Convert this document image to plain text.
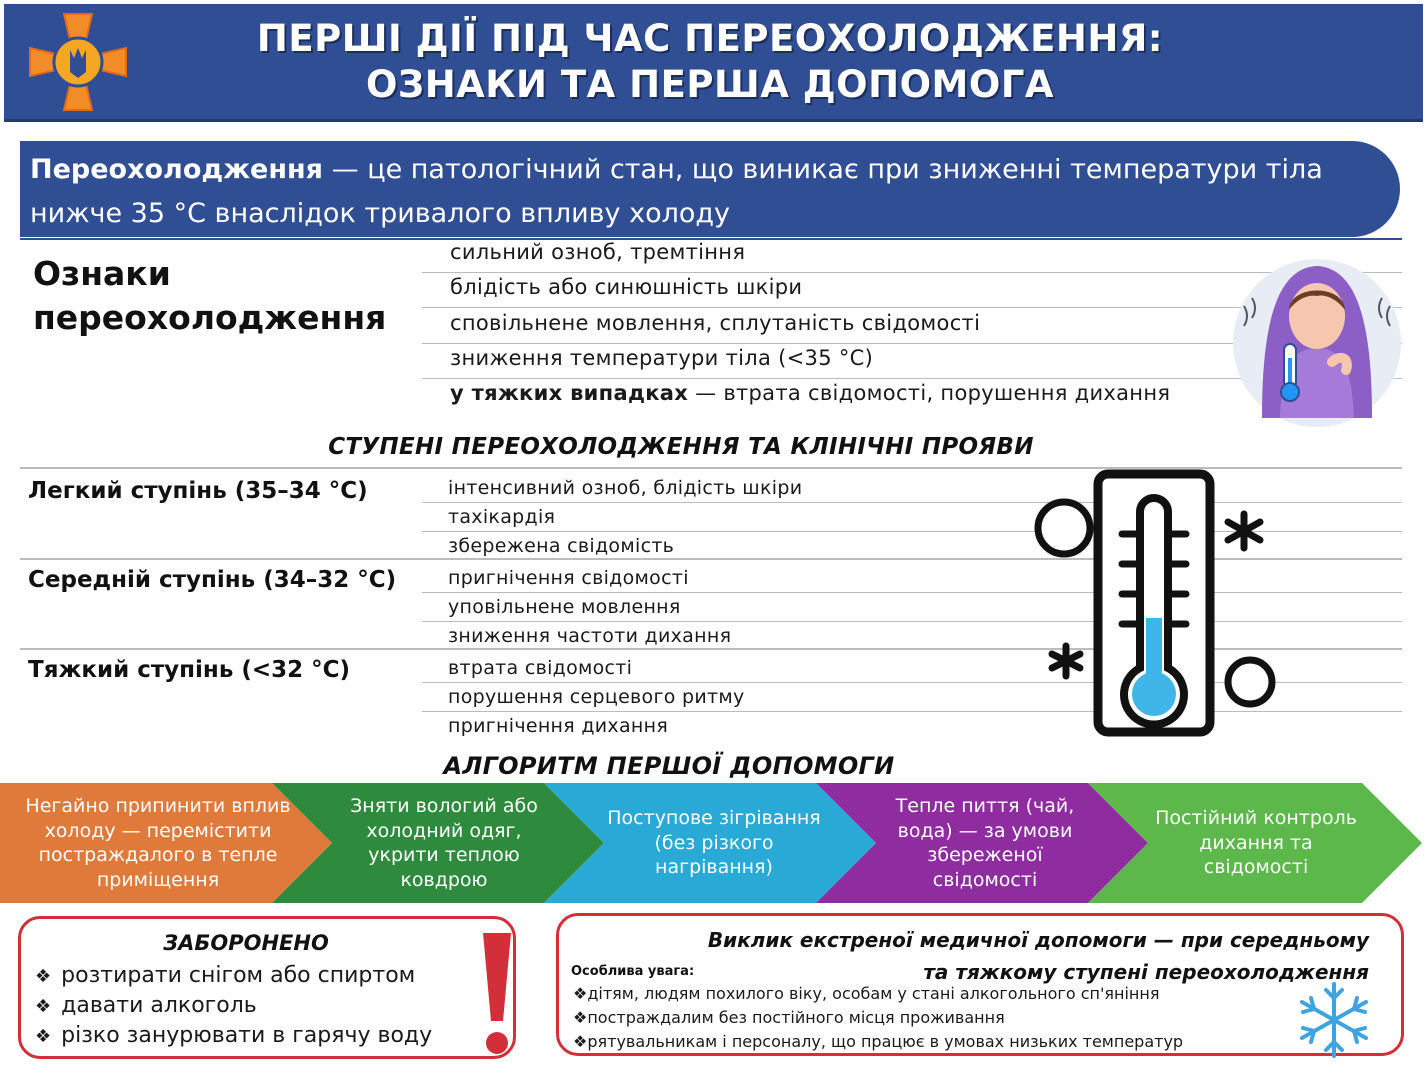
ПЕРШІ ДІЇ ПІД ЧАС ПЕРЕОХОЛОДЖЕННЯ:
ОЗНАКИ ТА ПЕРША ДОПОМОГА
Переохолодження — це патологічний стан, що виникає при зниженні температури тіла нижче 35 °С внаслідок тривалого впливу холоду
Ознаки
переохолодження
сильний озноб, тремтіння
блідість або синюшність шкіри
сповільнене мовлення, сплутаність свідомості
зниження температури тіла (<35 °С)
у тяжких випадках — втрата свідомості, порушення дихання
СТУПЕНІ ПЕРЕОХОЛОДЖЕННЯ ТА КЛІНІЧНІ ПРОЯВИ
Легкий ступінь (35–34 °С)	інтенсивний озноб, блідість шкіри
тахікардія
збережена свідомість
Середній ступінь (34–32 °С)	пригнічення свідомості
уповільнене мовлення
зниження частоти дихання
Тяжкий ступінь (<32 °С)	втрата свідомості
порушення серцевого ритму
пригнічення дихання
АЛГОРИТМ ПЕРШОЇ ДОПОМОГИ
Негайно припинити вплив холоду — перемістити постраждалого в тепле приміщення
Зняти вологий або холодний одяг, укрити теплою ковдрою
Поступове зігрівання (без різкого нагрівання)
Тепле пиття (чай, вода) — за умови збереженої свідомості
Постійний контроль дихання та свідомості
ЗАБОРОНЕНО
❖ розтирати снігом або спиртом
❖ давати алкоголь
❖ різко занурювати в гарячу воду
Виклик екстреної медичної допомоги — при середньому
та тяжкому ступені переохолодження
Особлива увага:
❖дітям, людям похилого віку, особам у стані алкогольного сп'яніння
❖постраждалим без постійного місця проживання
❖рятувальникам і персоналу, що працює в умовах низьких температур
